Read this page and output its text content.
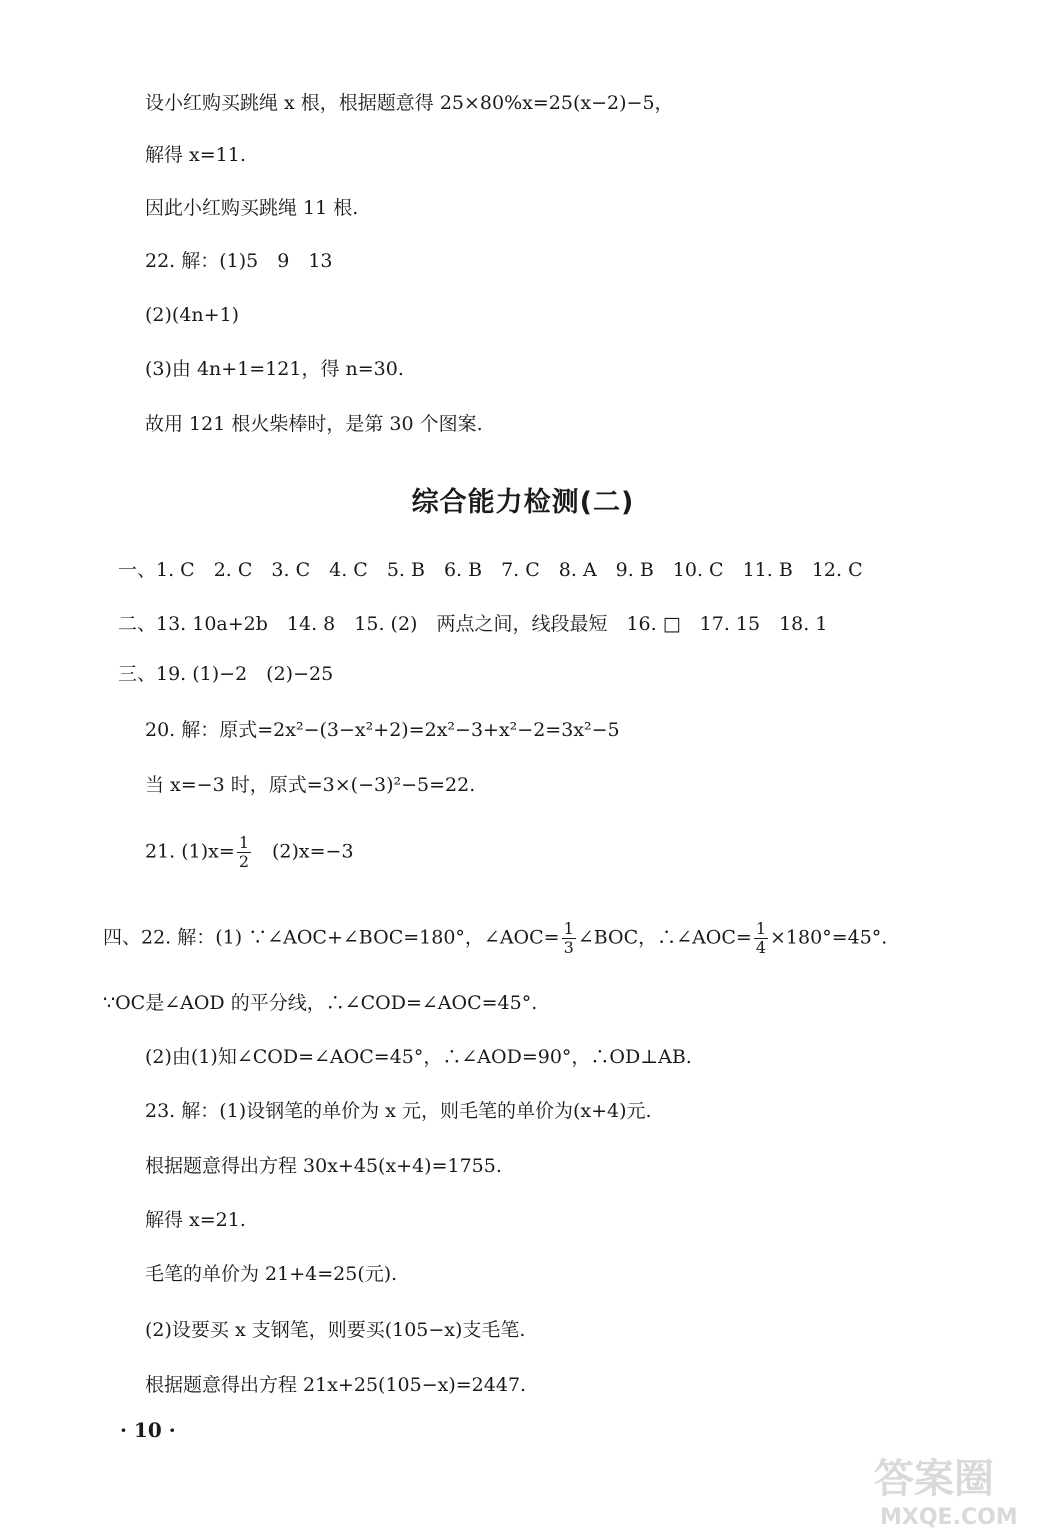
设小红购买跳绳 x 根，根据题意得 25×80%x=25(x−2)−5，
解得 x=11.
因此小红购买跳绳 11 根.
22. 解：(1)5　9　13
(2)(4n+1)
(3)由 4n+1=121，得 n=30.
故用 121 根火柴棒时，是第 30 个图案.
综合能力检测(二)
一、1. C　2. C　3. C　4. C　5. B　6. B　7. C　8. A　9. B　10. C　11. B　12. C
二、13. 10a+2b　14. 8　15. (2)　两点之间，线段最短　16. □　17. 15　18. 1
三、19. (1)−2　(2)−25
20. 解：原式=2x²−(3−x²+2)=2x²−3+x²−2=3x²−5
当 x=−3 时，原式=3×(−3)²−5=22.
21. $(1)x= \frac{1}{2}$ 　(2)x=−3
四、22. 解：(1) ∵∠AOC+∠BOC=180°，∠AOC= $\frac{1}{3}$ ∠BOC，∴∠AOC= $\frac{1}{4} \times 180^\circ=45^\circ$.
∵OC是∠AOD 的平分线，∴∠COD=∠AOC=45°.
(2)由(1)知∠COD=∠AOC=45°，∴∠AOD=90°，∴OD⊥AB.
23. 解：(1)设钢笔的单价为 x 元，则毛笔的单价为(x+4)元.
根据题意得出方程 30x+45(x+4)=1755.
解得 x=21.
毛笔的单价为 21+4=25(元).
(2)设要买 x 支钢笔，则要买(105−x)支毛笔.
根据题意得出方程 21x+25(105−x)=2447.
· 10 ·
答案圈
MXQE.COM
